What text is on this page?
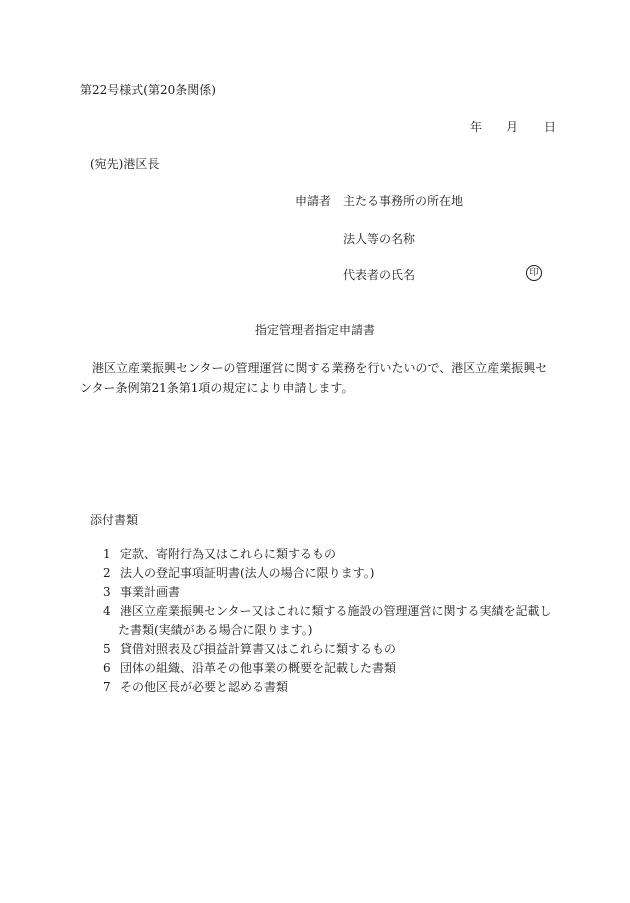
第22号様式(第20条関係)
年 月 日
(宛先)港区長
申請者 主たる事務所の所在地
法人等の名称
代表者の氏名	印
指定管理者指定申請書
港区立産業振興センターの管理運営に関する業務を行いたいので、港区立産業振興センター条例第21条第1項の規定により申請します。
添付書類
1 定款、寄附行為又はこれらに類するもの
2 法人の登記事項証明書(法人の場合に限ります。)
3 事業計画書
4 港区立産業振興センター又はこれに類する施設の管理運営に関する実績を記載した書類(実績がある場合に限ります。)
5 貸借対照表及び損益計算書又はこれらに類するもの
6 団体の組織、沿革その他事業の概要を記載した書類
7 その他区長が必要と認める書類
